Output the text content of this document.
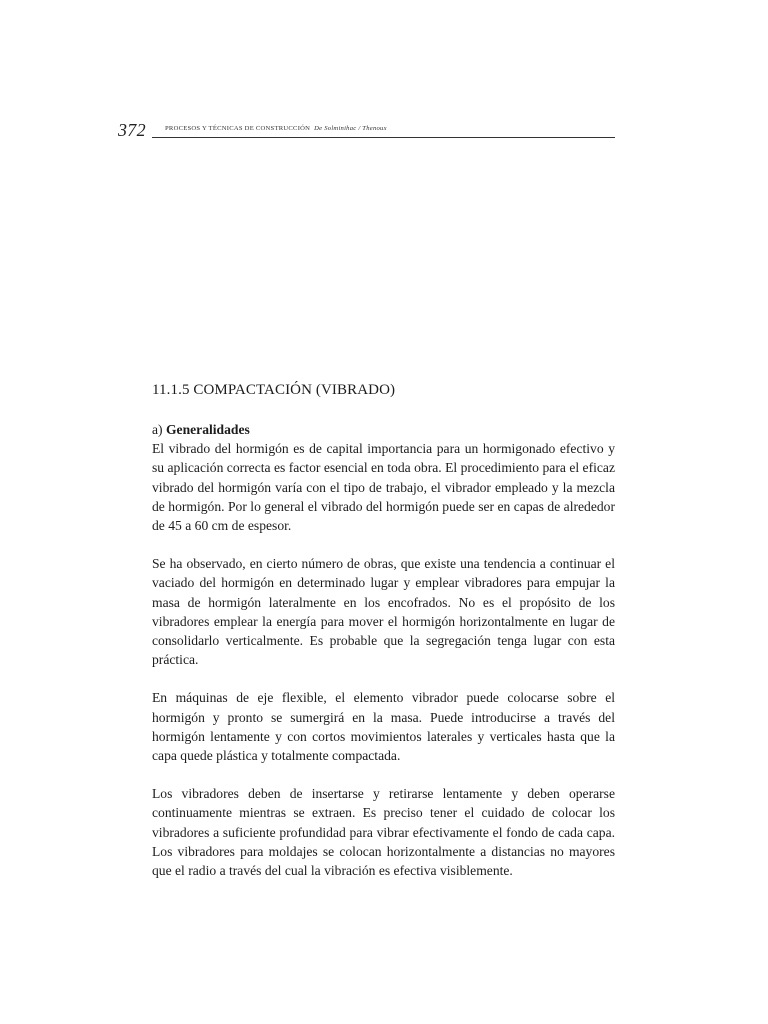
372	PROCESOS Y TÉCNICAS DE CONSTRUCCIÓN De Solminihac / Thenoux
11.1.5 COMPACTACIÓN (VIBRADO)
a) Generalidades

El vibrado del hormigón es de capital importancia para un hormigonado efectivo y su aplicación correcta es factor esencial en toda obra. El procedimiento para el eficaz vibrado del hormigón varía con el tipo de trabajo, el vibrador empleado y la mezcla de hormigón. Por lo general el vibrado del hormigón puede ser en capas de alrededor de 45 a 60 cm de espesor.

Se ha observado, en cierto número de obras, que existe una tendencia a continuar el vaciado del hormigón en determinado lugar y emplear vibradores para empujar la masa de hormigón lateralmente en los encofrados. No es el propósito de los vibradores emplear la energía para mover el hormigón horizontalmente en lugar de consolidarlo verticalmente. Es probable que la segregación tenga lugar con esta práctica.

En máquinas de eje flexible, el elemento vibrador puede colocarse sobre el hormigón y pronto se sumergirá en la masa. Puede introducirse a través del hormigón lentamente y con cortos movimientos laterales y verticales hasta que la capa quede plástica y totalmente compactada.

Los vibradores deben de insertarse y retirarse lentamente y deben operarse continuamente mientras se extraen. Es preciso tener el cuidado de colocar los vibradores a suficiente profundidad para vibrar efectivamente el fondo de cada capa. Los vibradores para moldajes se colocan horizontalmente a distancias no mayores que el radio a través del cual la vibración es efectiva visiblemente.
